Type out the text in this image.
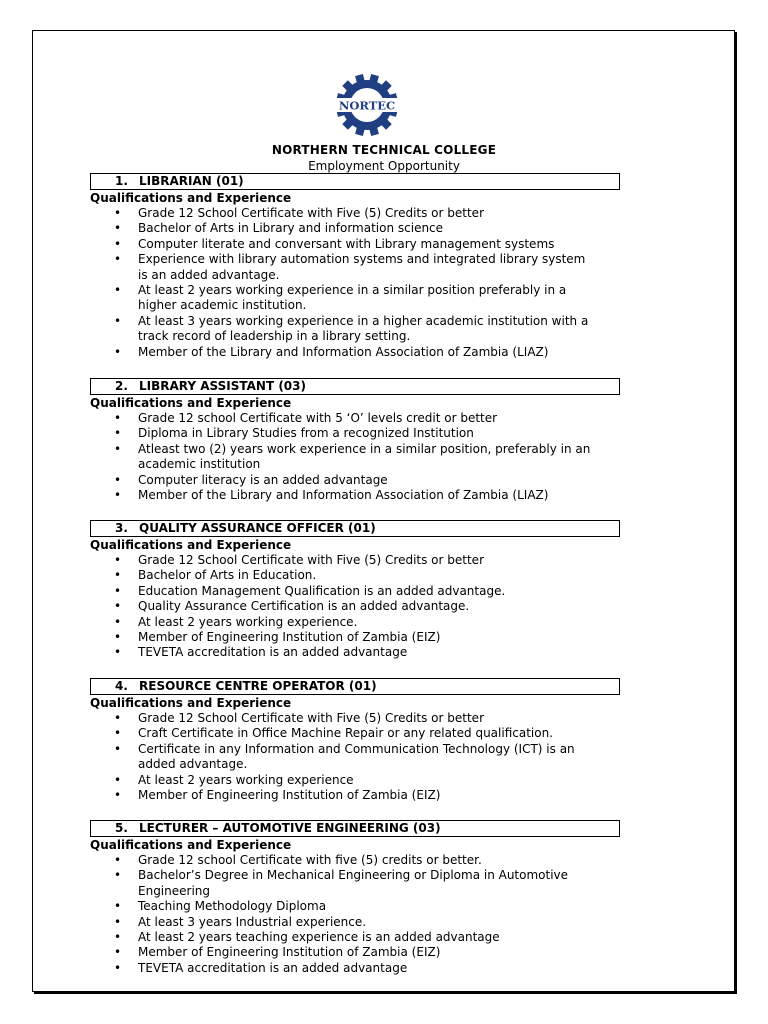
NORTEC
NORTHERN TECHNICAL COLLEGE
Employment Opportunity
1. LIBRARIAN (01)
Qualifications and Experience
• Grade 12 School Certificate with Five (5) Credits or better
• Bachelor of Arts in Library and information science
• Computer literate and conversant with Library management systems
• Experience with library automation systems and integrated library system is an added advantage.
• At least 2 years working experience in a similar position preferably in a higher academic institution.
• At least 3 years working experience in a higher academic institution with a track record of leadership in a library setting.
• Member of the Library and Information Association of Zambia (LIAZ)
2. LIBRARY ASSISTANT (03)
Qualifications and Experience
• Grade 12 school Certificate with 5 ‘O’ levels credit or better
• Diploma in Library Studies from a recognized Institution
• Atleast two (2) years work experience in a similar position, preferably in an academic institution
• Computer literacy is an added advantage
• Member of the Library and Information Association of Zambia (LIAZ)
3. QUALITY ASSURANCE OFFICER (01)
Qualifications and Experience
• Grade 12 School Certificate with Five (5) Credits or better
• Bachelor of Arts in Education.
• Education Management Qualification is an added advantage.
• Quality Assurance Certification is an added advantage.
• At least 2 years working experience.
• Member of Engineering Institution of Zambia (EIZ)
• TEVETA accreditation is an added advantage
4. RESOURCE CENTRE OPERATOR (01)
Qualifications and Experience
• Grade 12 School Certificate with Five (5) Credits or better
• Craft Certificate in Office Machine Repair or any related qualification.
• Certificate in any Information and Communication Technology (ICT) is an added advantage.
• At least 2 years working experience
• Member of Engineering Institution of Zambia (EIZ)
5. LECTURER – AUTOMOTIVE ENGINEERING (03)
Qualifications and Experience
• Grade 12 school Certificate with five (5) credits or better.
• Bachelor’s Degree in Mechanical Engineering or Diploma in Automotive Engineering
• Teaching Methodology Diploma
• At least 3 years Industrial experience.
• At least 2 years teaching experience is an added advantage
• Member of Engineering Institution of Zambia (EIZ)
• TEVETA accreditation is an added advantage
